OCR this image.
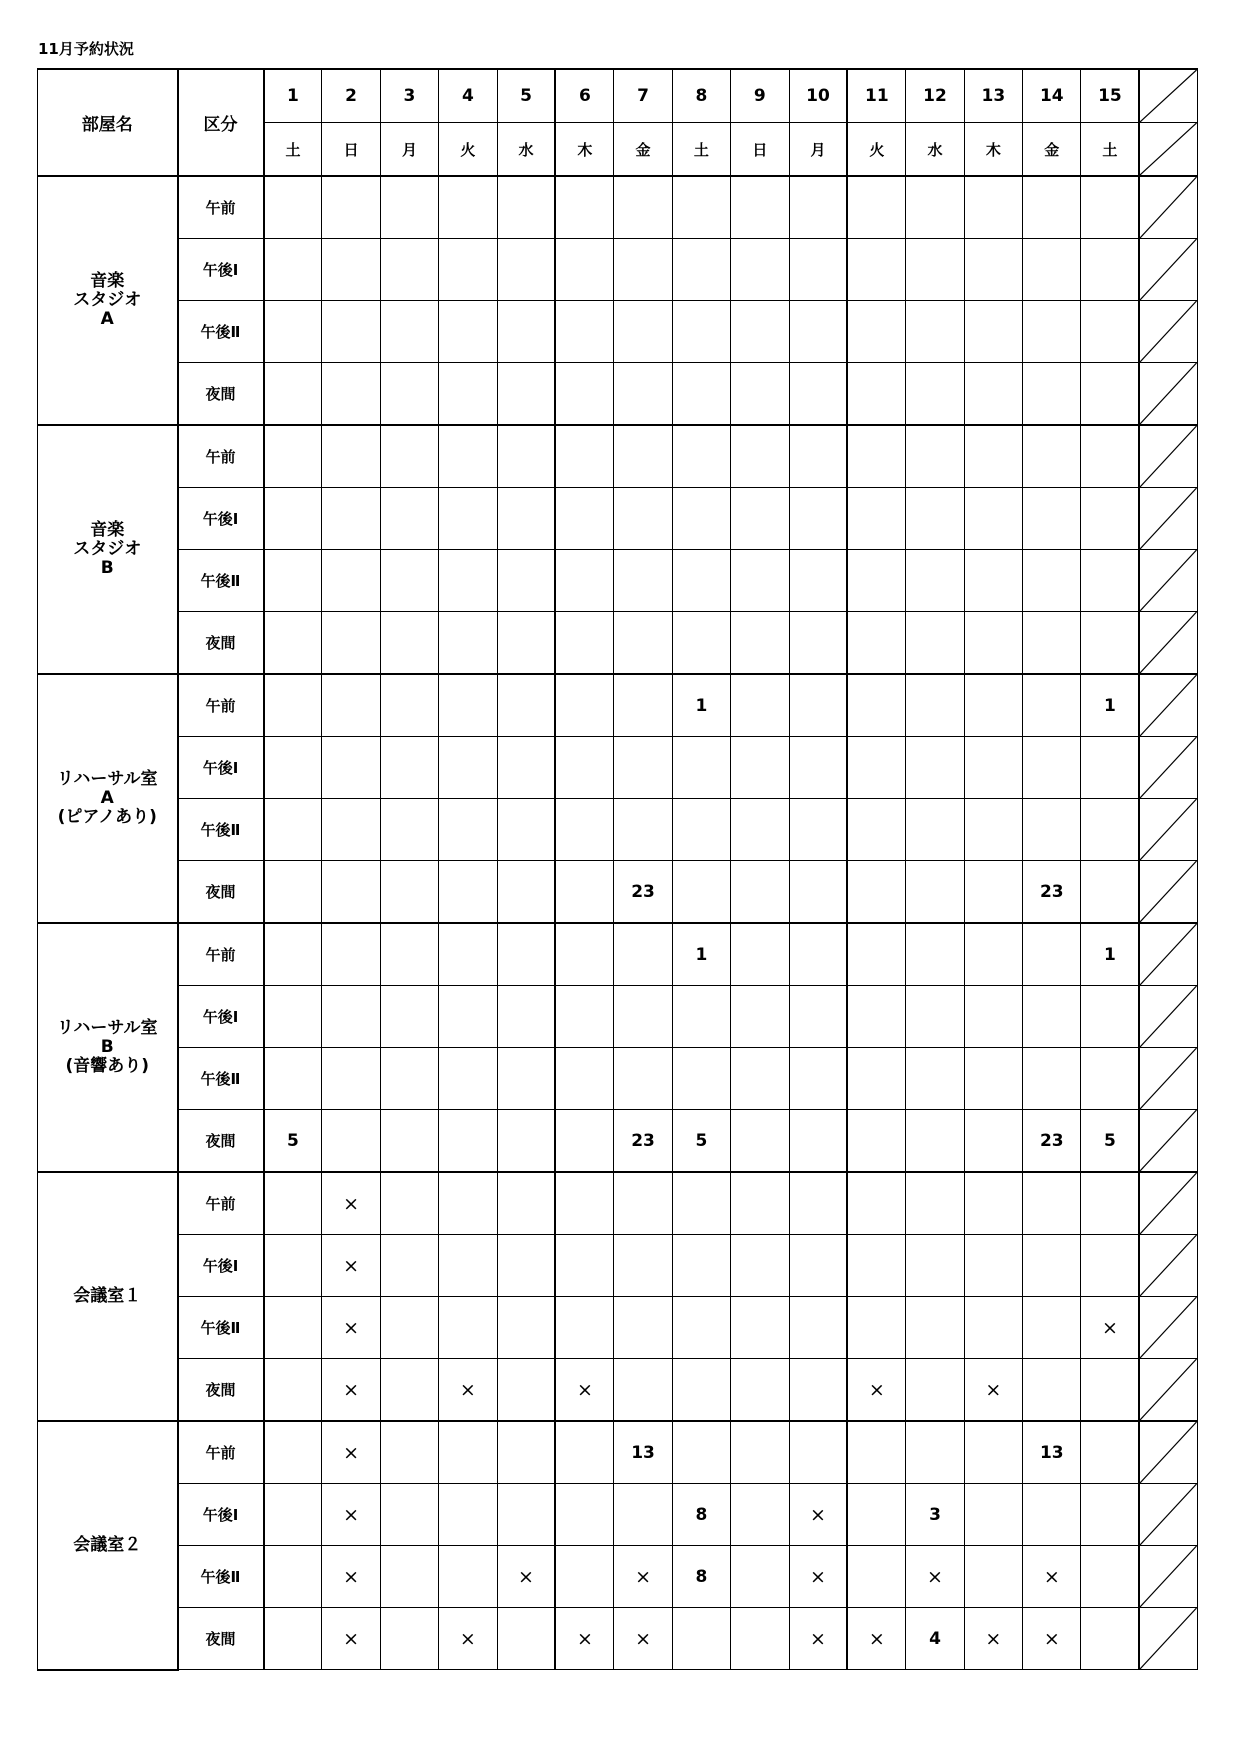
11月予約状況
部屋名	区分	1	2	3	4	5	6	7	8	9	10	11	12	13	14	15	

		土	日	月	火	水	木	金	土	日	月	火	水	木	金	土	

音楽
スタジオ
A	午前																

	午後Ⅰ																

	午後Ⅱ																

	夜間																

音楽
スタジオ
B	午前																

	午後Ⅰ																

	午後Ⅱ																

	夜間																

リハーサル室
A
(ピアノあり)	午前								1							1	

	午後Ⅰ																

	午後Ⅱ																

	夜間							23							23		

リハーサル室
B
(音響あり)	午前								1							1	

	午後Ⅰ																

	午後Ⅱ																

	夜間	5						23	5						23	5	

会議室１	午前		×														

	午後Ⅰ		×														

	午後Ⅱ		×													×	

	夜間		×		×		×					×		×			

会議室２	午前		×					13							13		

	午後Ⅰ		×						8		×		3				

	午後Ⅱ		×			×		×	8		×		×		×		

	夜間		×		×		×	×			×	×	4	×	×		
